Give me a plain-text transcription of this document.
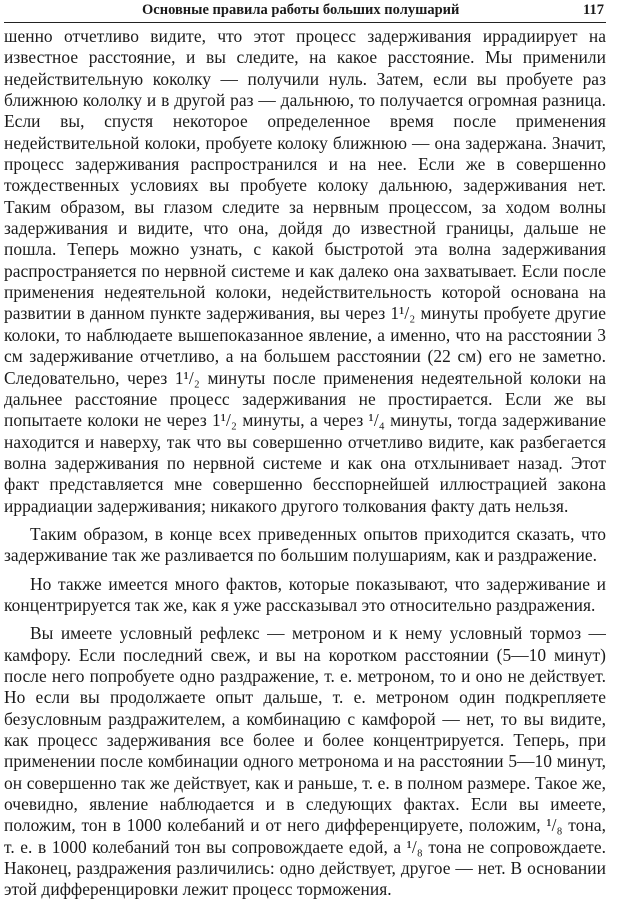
Основные правила работы больших полушарий	117

шенно отчетливо видите, что этот процесс задерживания иррадиирует на известное расстояние, и вы следите, на какое расстояние. Мы применили недействительную коколку — получили нуль. Затем, если вы пробуете раз ближнюю кололку и в другой раз — дальнюю, то получается огромная разница. Если вы, спустя некоторое определенное время после применения недействительной колоки, пробуете колоку ближнюю — она задержана. Значит, процесс задерживания распространился и на нее. Если же в совершенно тождественных условиях вы пробуете колоку дальнюю, задерживания нет. Таким образом, вы глазом следите за нервным процессом, за ходом волны задерживания и видите, что она, дойдя до известной границы, дальше не пошла. Теперь можно узнать, с какой быстротой эта волна задерживания распространяется по нервной системе и как далеко она захватывает. Если после применения недеятельной колоки, недействительность которой основана на развитии в данном пункте задерживания, вы через 1¹/₂ минуты пробуете другие колоки, то наблюдаете вышепоказанное явление, а именно, что на расстоянии 3 см задерживание отчетливо, а на большем расстоянии (22 см) его не заметно. Следовательно, через 1¹/₂ минуты после применения недеятельной колоки на дальнее расстояние процесс задерживания не простирается. Если же вы попытаете колоки не через 1¹/₂ минуты, а через ¹/₄ минуты, тогда задерживание находится и наверху, так что вы совершенно отчетливо видите, как разбегается волна задерживания по нервной системе и как она отхлынивает назад. Этот факт представляется мне совершенно бесспорнейшей иллюстрацией закона иррадиации задерживания; никакого другого толкования факту дать нельзя.

Таким образом, в конце всех приведенных опытов приходится сказать, что задерживание так же разливается по большим полушариям, как и раздражение.

Но также имеется много фактов, которые показывают, что задерживание и концентрируется так же, как я уже рассказывал это относительно раздражения.

Вы имеете условный рефлекс — метроном и к нему условный тормоз — камфору. Если последний свеж, и вы на коротком расстоянии (5—10 минут) после него попробуете одно раздражение, т. е. метроном, то и оно не действует. Но если вы продолжаете опыт дальше, т. е. метроном один подкрепляете безусловным раздражителем, а комбинацию с камфорой — нет, то вы видите, как процесс задерживания все более и более концентрируется. Теперь, при применении после комбинации одного метронома и на расстоянии 5—10 минут, он совершенно так же действует, как и раньше, т. е. в полном размере. Такое же, очевидно, явление наблюдается и в следующих фактах. Если вы имеете, положим, тон в 1000 колебаний и от него дифференцируете, положим, ¹/₈ тона, т. е. в 1000 колебаний тон вы сопровождаете едой, а ¹/₈ тона не сопровождаете. Наконец, раздражения различились: одно действует, другое — нет. В основании этой дифференцировки лежит процесс торможения.
